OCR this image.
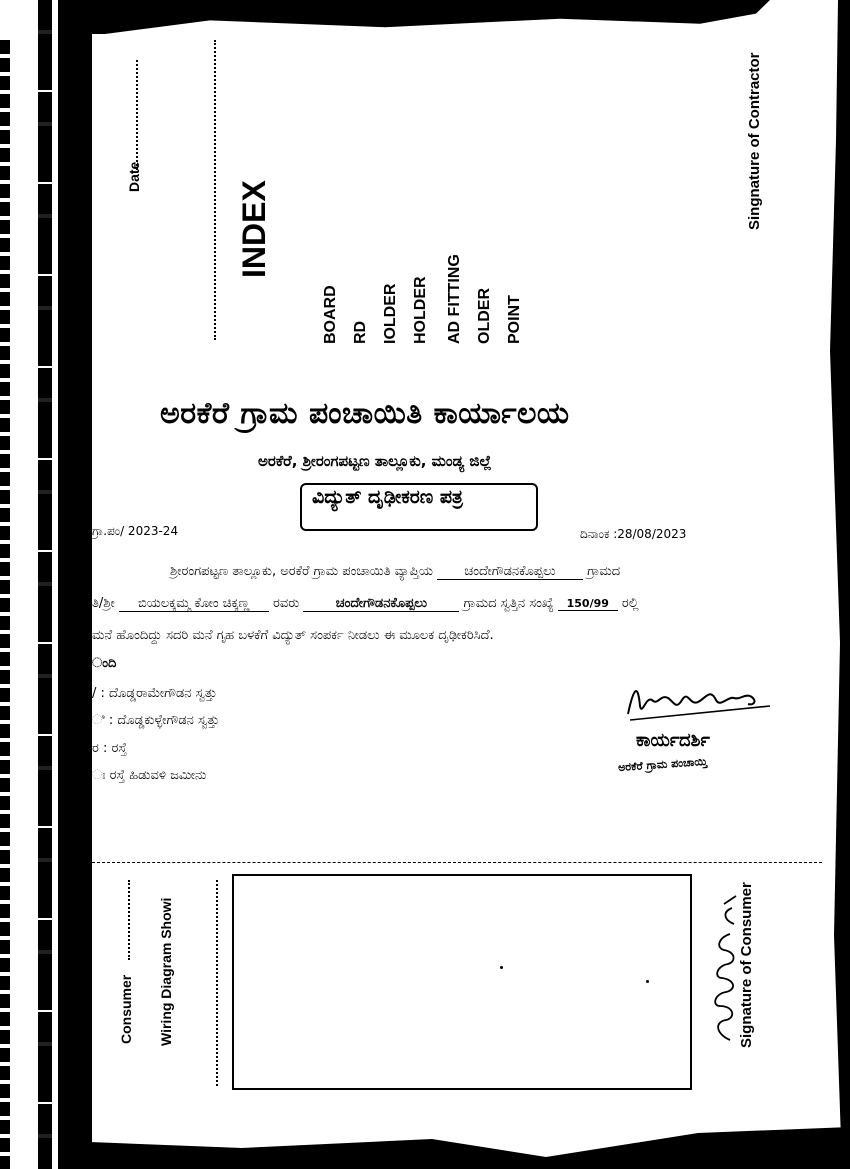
Date
INDEX
BOARD RD IOLDER HOLDER AD FITTING OLDER POINT
Singnature of Contractor
ಅರಕೆರೆ ಗ್ರಾಮ ಪಂಚಾಯಿತಿ ಕಾರ್ಯಾಲಯ
ಅರಕೆರೆ, ಶ್ರೀರಂಗಪಟ್ಟಣ ತಾಲ್ಲೂಕು, ಮಂಡ್ಯ ಜಿಲ್ಲೆ
ವಿದ್ಯುತ್ ದೃಢೀಕರಣ ಪತ್ರ
ಗ್ರಾ.ಪಂ/ 2023-24	ದಿನಾಂಕ :28/08/2023
ಶ್ರೀರಂಗಪಟ್ಟಣ ತಾಲ್ಲೂಕು, ಅರಕೆರೆ ಗ್ರಾಮ ಪಂಚಾಯಿತಿ ವ್ಯಾಪ್ತಿಯ ಚಂದೇಗೌಡನಕೊಪ್ಪಲು ಗ್ರಾಮದ
ತಿ/ಶ್ರೀ ಬಿಯಲಕ್ಕಮ್ಮ ಕೋಂ ಚಿಕ್ಕಣ್ಣ ರವರು	ಚಂದೇಗೌಡನಕೊಪ್ಪಲು	ಗ್ರಾಮದ ಸ್ವತ್ತಿನ ಸಂಖ್ಯೆ 150/99 ರಲ್ಲಿ
ಮನೆ ಹೊಂದಿದ್ದು ಸದರಿ ಮನೆ ಗೃಹ ಬಳಕೆಗೆ ವಿದ್ಯುತ್ ಸಂಪರ್ಕ ನೀಡಲು ಈ ಮೂಲಕ ದೃಢೀಕರಿಸಿದೆ.
ಂದಿ
/ : ದೊಡ್ಡರಾಮೇಗೌಡನ ಸ್ವತ್ತು
ಿ : ದೊಡ್ಡಕುಳ್ಳೇಗೌಡನ ಸ್ವತ್ತು
ರ : ರಸ್ತೆ
ಃ ರಸ್ತೆ ಹಿಡುವಳಿ ಜಮೀನು
ಕಾರ್ಯದರ್ಶಿ
ಅರಕೆರೆ ಗ್ರಾಮ ಪಂಚಾಯ್ತಿ
Consumer Wiring Diagram Showi	Signature of Consumer
